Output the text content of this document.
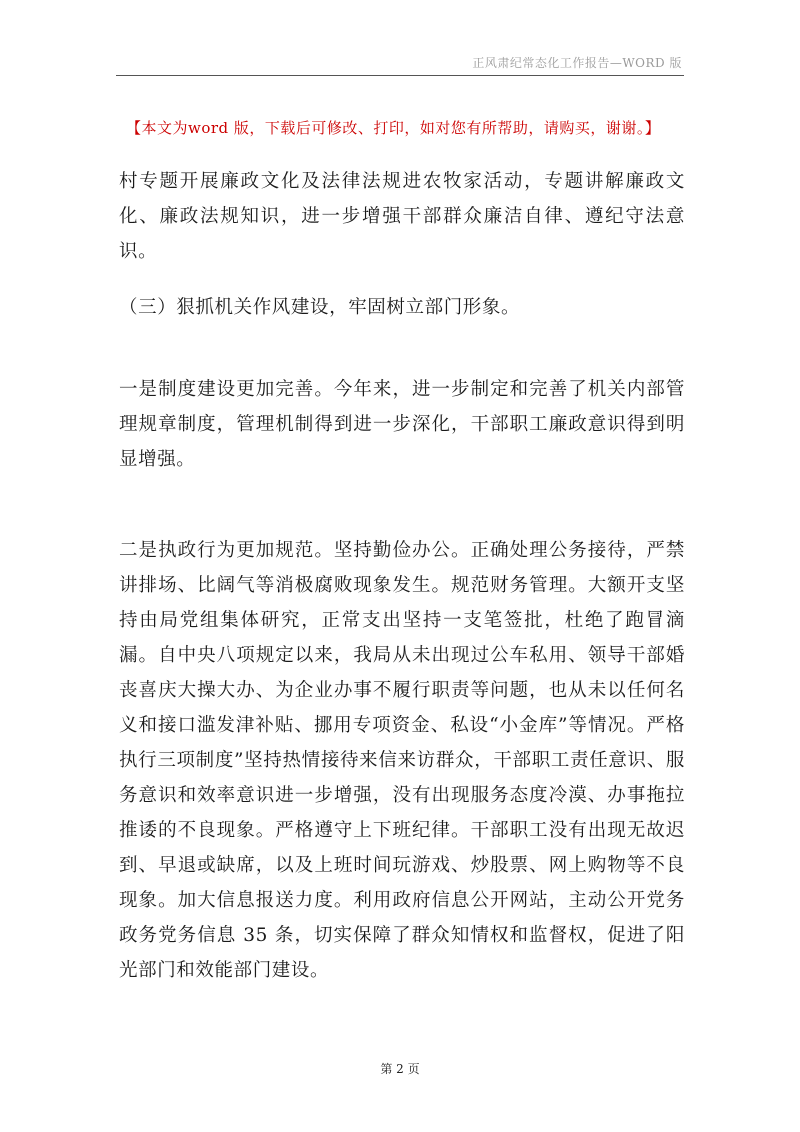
正风肃纪常态化工作报告—WORD 版
【本文为word 版，下载后可修改、打印，如对您有所帮助，请购买，谢谢。】

村专题开展廉政文化及法律法规进农牧家活动，专题讲解廉政文化、廉政法规知识，进一步增强干部群众廉洁自律、遵纪守法意识。

（三）狠抓机关作风建设，牢固树立部门形象。

一是制度建设更加完善。今年来，进一步制定和完善了机关内部管理规章制度，管理机制得到进一步深化，干部职工廉政意识得到明显增强。

二是执政行为更加规范。坚持勤俭办公。正确处理公务接待，严禁讲排场、比阔气等消极腐败现象发生。规范财务管理。大额开支坚持由局党组集体研究，正常支出坚持一支笔签批，杜绝了跑冒滴漏。自中央八项规定以来，我局从未出现过公车私用、领导干部婚丧喜庆大操大办、为企业办事不履行职责等问题，也从未以任何名义和接口滥发津补贴、挪用专项资金、私设“小金库”等情况。严格执行三项制度”坚持热情接待来信来访群众，干部职工责任意识、服务意识和效率意识进一步增强，没有出现服务态度冷漠、办事拖拉推诿的不良现象。严格遵守上下班纪律。干部职工没有出现无故迟到、早退或缺席，以及上班时间玩游戏、炒股票、网上购物等不良现象。加大信息报送力度。利用政府信息公开网站，主动公开党务政务党务信息 35 条，切实保障了群众知情权和监督权，促进了阳光部门和效能部门建设。

第 2 页
